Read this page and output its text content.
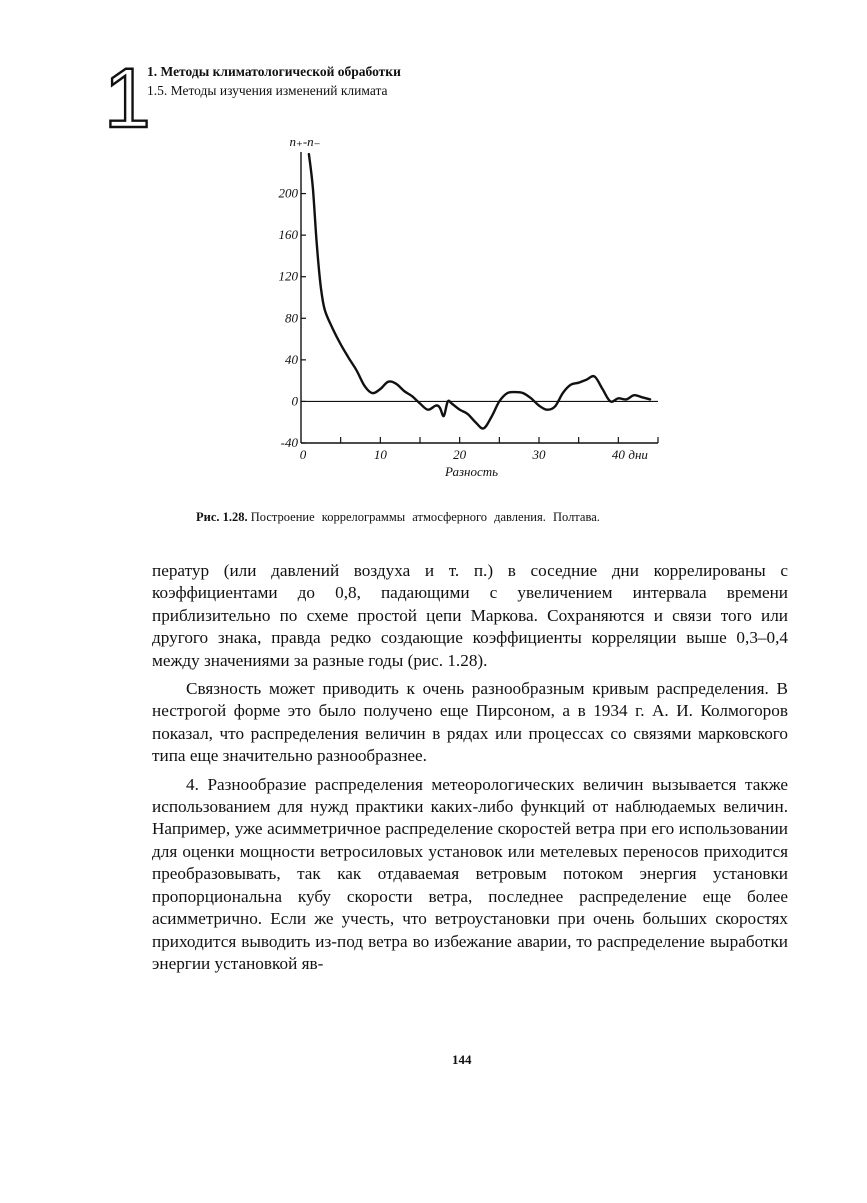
1
1. Методы климатологической обработки
1.5. Методы изучения изменений климата
200
160
120
80
40
0
-40
0	10	20	30	40 дни
Разность
n₊-n₋
Рис. 1.28. Построение коррелограммы атмосферного давления. Полтава.

ператур (или давлений воздуха и т. п.) в соседние дни коррелированы с коэффициентами до 0,8, падающими с увеличением интервала времени приблизительно по схеме простой цепи Маркова. Сохраняются и связи того или другого знака, правда редко создающие коэффициенты корреляции выше 0,3–0,4 между значениями за разные годы (рис. 1.28).

Связность может приводить к очень разнообразным кривым распределения. В нестрогой форме это было получено еще Пирсоном, а в 1934 г. А. И. Колмогоров показал, что распределения величин в рядах или процессах со связями марковского типа еще значительно разнообразнее.

4. Разнообразие распределения метеорологических величин вызывается также использованием для нужд практики каких-либо функций от наблюдаемых величин. Например, уже асимметричное распределение скоростей ветра при его использовании для оценки мощности ветросиловых установок или метелевых переносов приходится преобразовывать, так как отдаваемая ветровым потоком энергия установки пропорциональна кубу скорости ветра, последнее распределение еще более асимметрично. Если же учесть, что ветроустановки при очень больших скоростях приходится выводить из-под ветра во избежание аварии, то распределение выработки энергии установкой яв-

144
